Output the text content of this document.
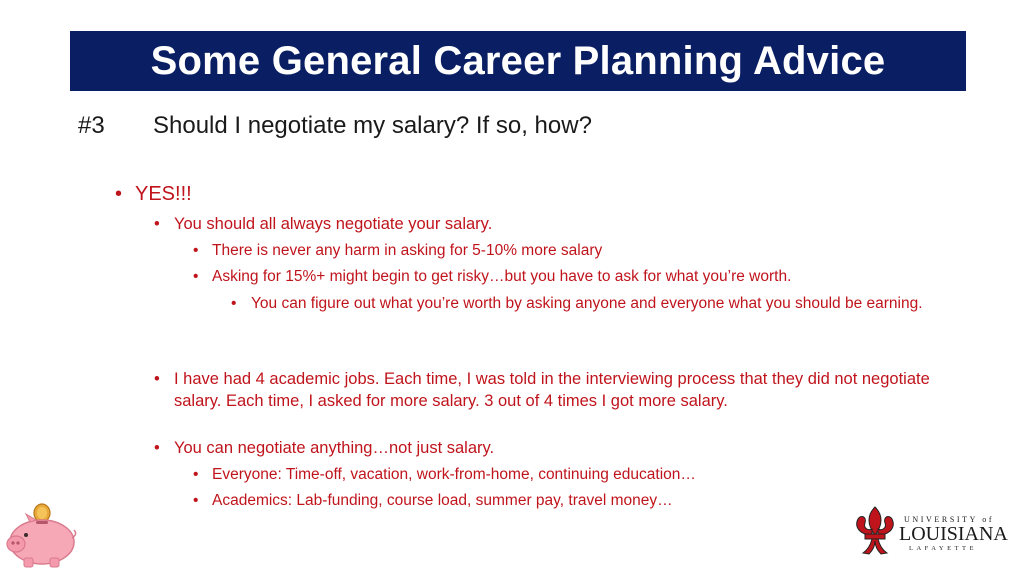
Some General Career Planning Advice
#3 Should I negotiate my salary? If so, how?
• YES!!!
• You should all always negotiate your salary.
• There is never any harm in asking for 5-10% more salary
• Asking for 15%+ might begin to get risky…but you have to ask for what you’re worth.
• You can figure out what you’re worth by asking anyone and everyone what you should be earning.
• I have had 4 academic jobs. Each time, I was told in the interviewing process that they did not negotiate salary. Each time, I asked for more salary. 3 out of 4 times I got more salary.
• You can negotiate anything…not just salary.
• Everyone: Time-off, vacation, work-from-home, continuing education…
• Academics: Lab-funding, course load, summer pay, travel money…
UNIVERSITY of
LOUISIANA
LAFAYETTE
